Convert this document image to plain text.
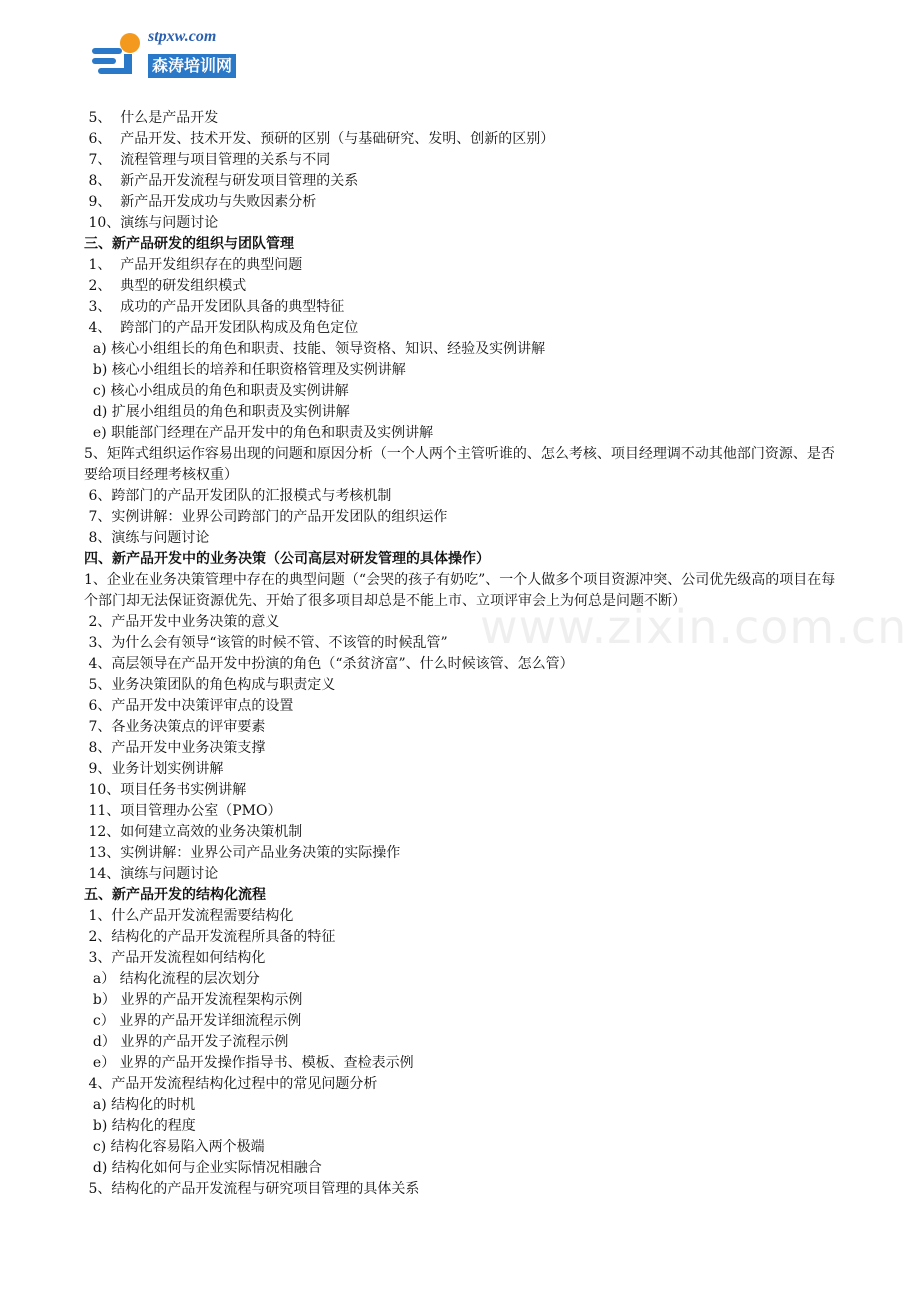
stpxw.com
森涛培训网
5、  什么是产品开发
6、  产品开发、技术开发、预研的区别（与基础研究、发明、创新的区别）
7、  流程管理与项目管理的关系与不同
8、  新产品开发流程与研发项目管理的关系
9、  新产品开发成功与失败因素分析
10、演练与问题讨论
三、新产品研发的组织与团队管理
1、  产品开发组织存在的典型问题
2、  典型的研发组织模式
3、  成功的产品开发团队具备的典型特征
4、  跨部门的产品开发团队构成及角色定位
a) 核心小组组长的角色和职责、技能、领导资格、知识、经验及实例讲解
b) 核心小组组长的培养和任职资格管理及实例讲解
c) 核心小组成员的角色和职责及实例讲解
d) 扩展小组组员的角色和职责及实例讲解
e) 职能部门经理在产品开发中的角色和职责及实例讲解
5、矩阵式组织运作容易出现的问题和原因分析（一个人两个主管听谁的、怎么考核、项目经理调不动其他部门资源、是否要给项目经理考核权重）
6、跨部门的产品开发团队的汇报模式与考核机制
7、实例讲解：业界公司跨部门的产品开发团队的组织运作
8、演练与问题讨论
四、新产品开发中的业务决策（公司高层对研发管理的具体操作）
1、企业在业务决策管理中存在的典型问题（“会哭的孩子有奶吃”、一个人做多个项目资源冲突、公司优先级高的项目在每个部门却无法保证资源优先、开始了很多项目却总是不能上市、立项评审会上为何总是问题不断）
2、产品开发中业务决策的意义
3、为什么会有领导“该管的时候不管、不该管的时候乱管”
4、高层领导在产品开发中扮演的角色（“杀贫济富”、什么时候该管、怎么管）
5、业务决策团队的角色构成与职责定义
6、产品开发中决策评审点的设置
7、各业务决策点的评审要素
8、产品开发中业务决策支撑
9、业务计划实例讲解
10、项目任务书实例讲解
11、项目管理办公室（PMO）
12、如何建立高效的业务决策机制
13、实例讲解：业界公司产品业务决策的实际操作
14、演练与问题讨论
五、新产品开发的结构化流程
1、什么产品开发流程需要结构化
2、结构化的产品开发流程所具备的特征
3、产品开发流程如何结构化
a） 结构化流程的层次划分
b） 业界的产品开发流程架构示例
c） 业界的产品开发详细流程示例
d） 业界的产品开发子流程示例
e） 业界的产品开发操作指导书、模板、查检表示例
4、产品开发流程结构化过程中的常见问题分析
a) 结构化的时机
b) 结构化的程度
c) 结构化容易陷入两个极端
d) 结构化如何与企业实际情况相融合
5、结构化的产品开发流程与研究项目管理的具体关系
www.zixin.com.cn
